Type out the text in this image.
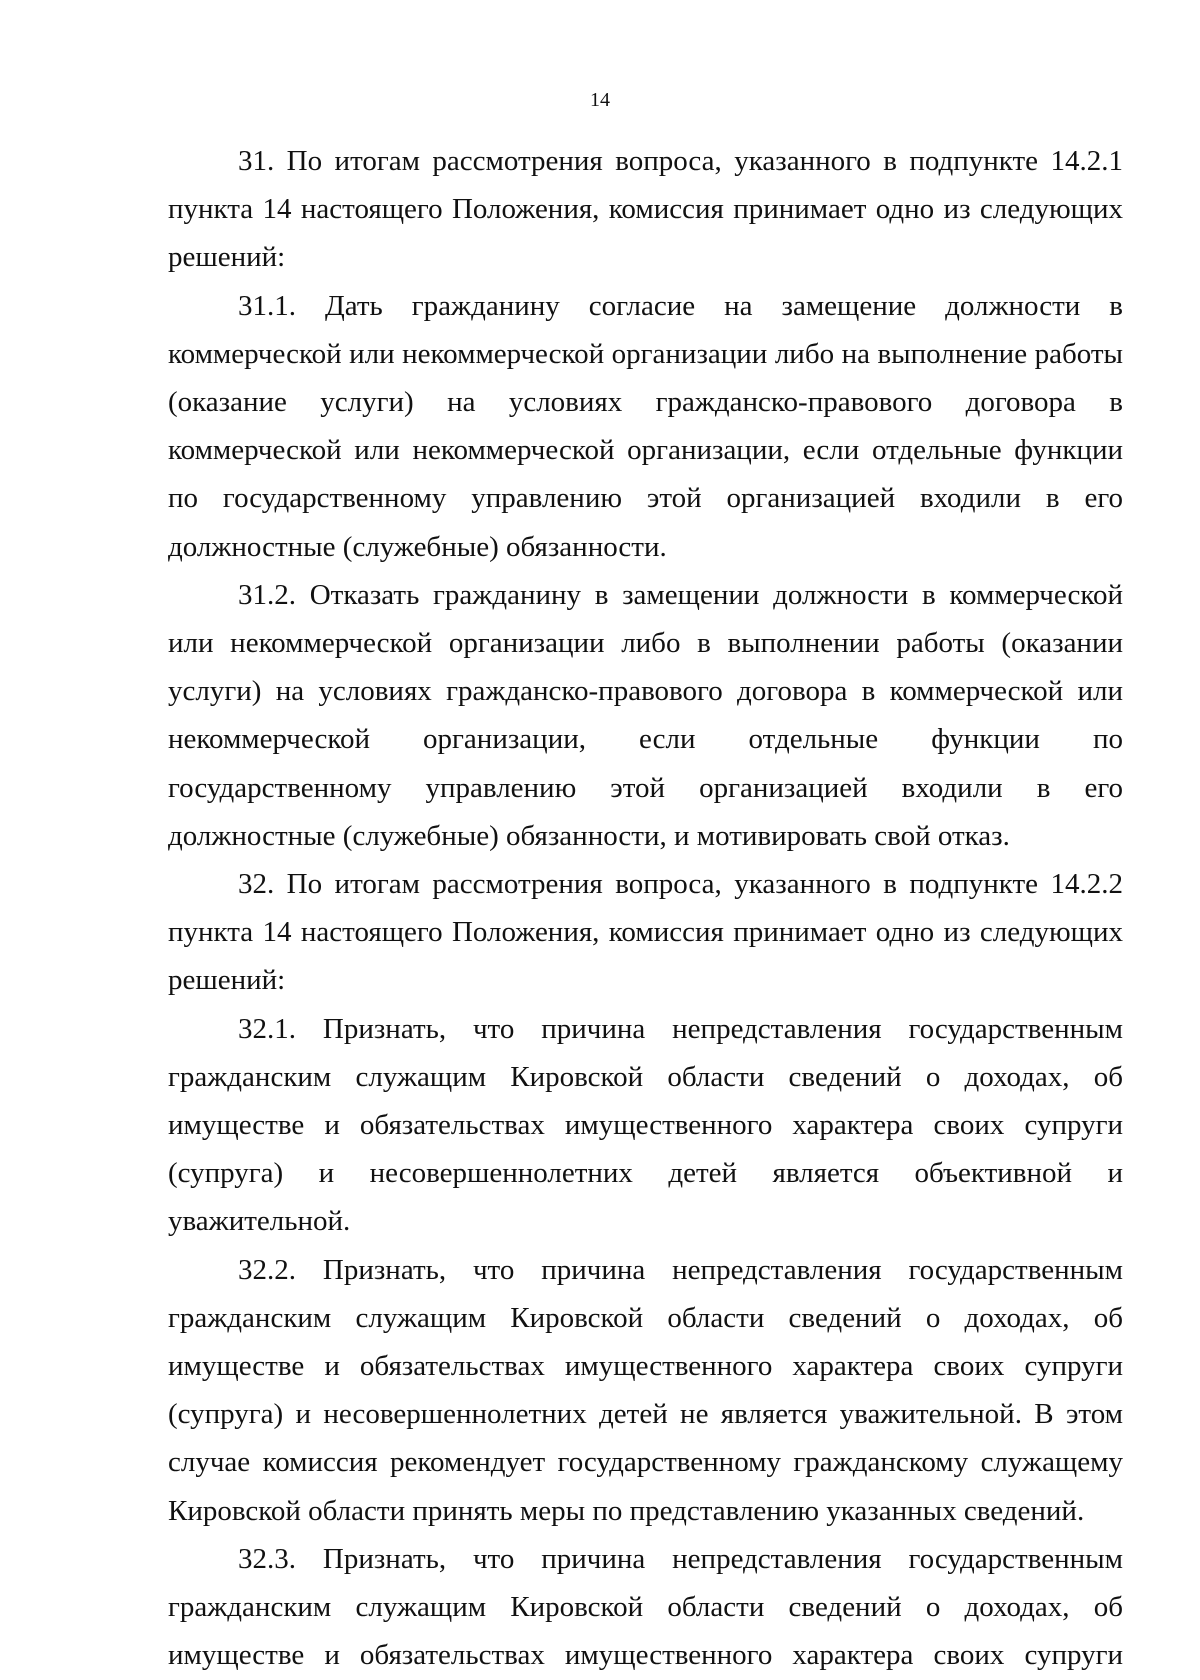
14

31. По итогам рассмотрения вопроса, указанного в подпункте 14.2.1 пункта 14 настоящего Положения, комиссия принимает одно из следующих решений:

31.1. Дать гражданину согласие на замещение должности в коммерческой или некоммерческой организации либо на выполнение работы (оказание услуги) на условиях гражданско-правового договора в коммерческой или некоммерческой организации, если отдельные функции по государственному управлению этой организацией входили в его должностные (служебные) обязанности.

31.2. Отказать гражданину в замещении должности в коммерческой или некоммерческой организации либо в выполнении работы (оказании услуги) на условиях гражданско-правового договора в коммерческой или некоммерческой организации, если отдельные функции по государственному управлению этой организацией входили в его должностные (служебные) обязанности, и мотивировать свой отказ.

32. По итогам рассмотрения вопроса, указанного в подпункте 14.2.2 пункта 14 настоящего Положения, комиссия принимает одно из следующих решений:

32.1. Признать, что причина непредставления государственным гражданским служащим Кировской области сведений о доходах, об имуществе и обязательствах имущественного характера своих супруги (супруга) и несовершеннолетних детей является объективной и уважительной.

32.2. Признать, что причина непредставления государственным гражданским служащим Кировской области сведений о доходах, об имуществе и обязательствах имущественного характера своих супруги (супруга) и несовершеннолетних детей не является уважительной. В этом случае комиссия рекомендует государственному гражданскому служащему Кировской области принять меры по представлению указанных сведений.

32.3. Признать, что причина непредставления государственным гражданским служащим Кировской области сведений о доходах, об имуществе и обязательствах имущественного характера своих супруги
